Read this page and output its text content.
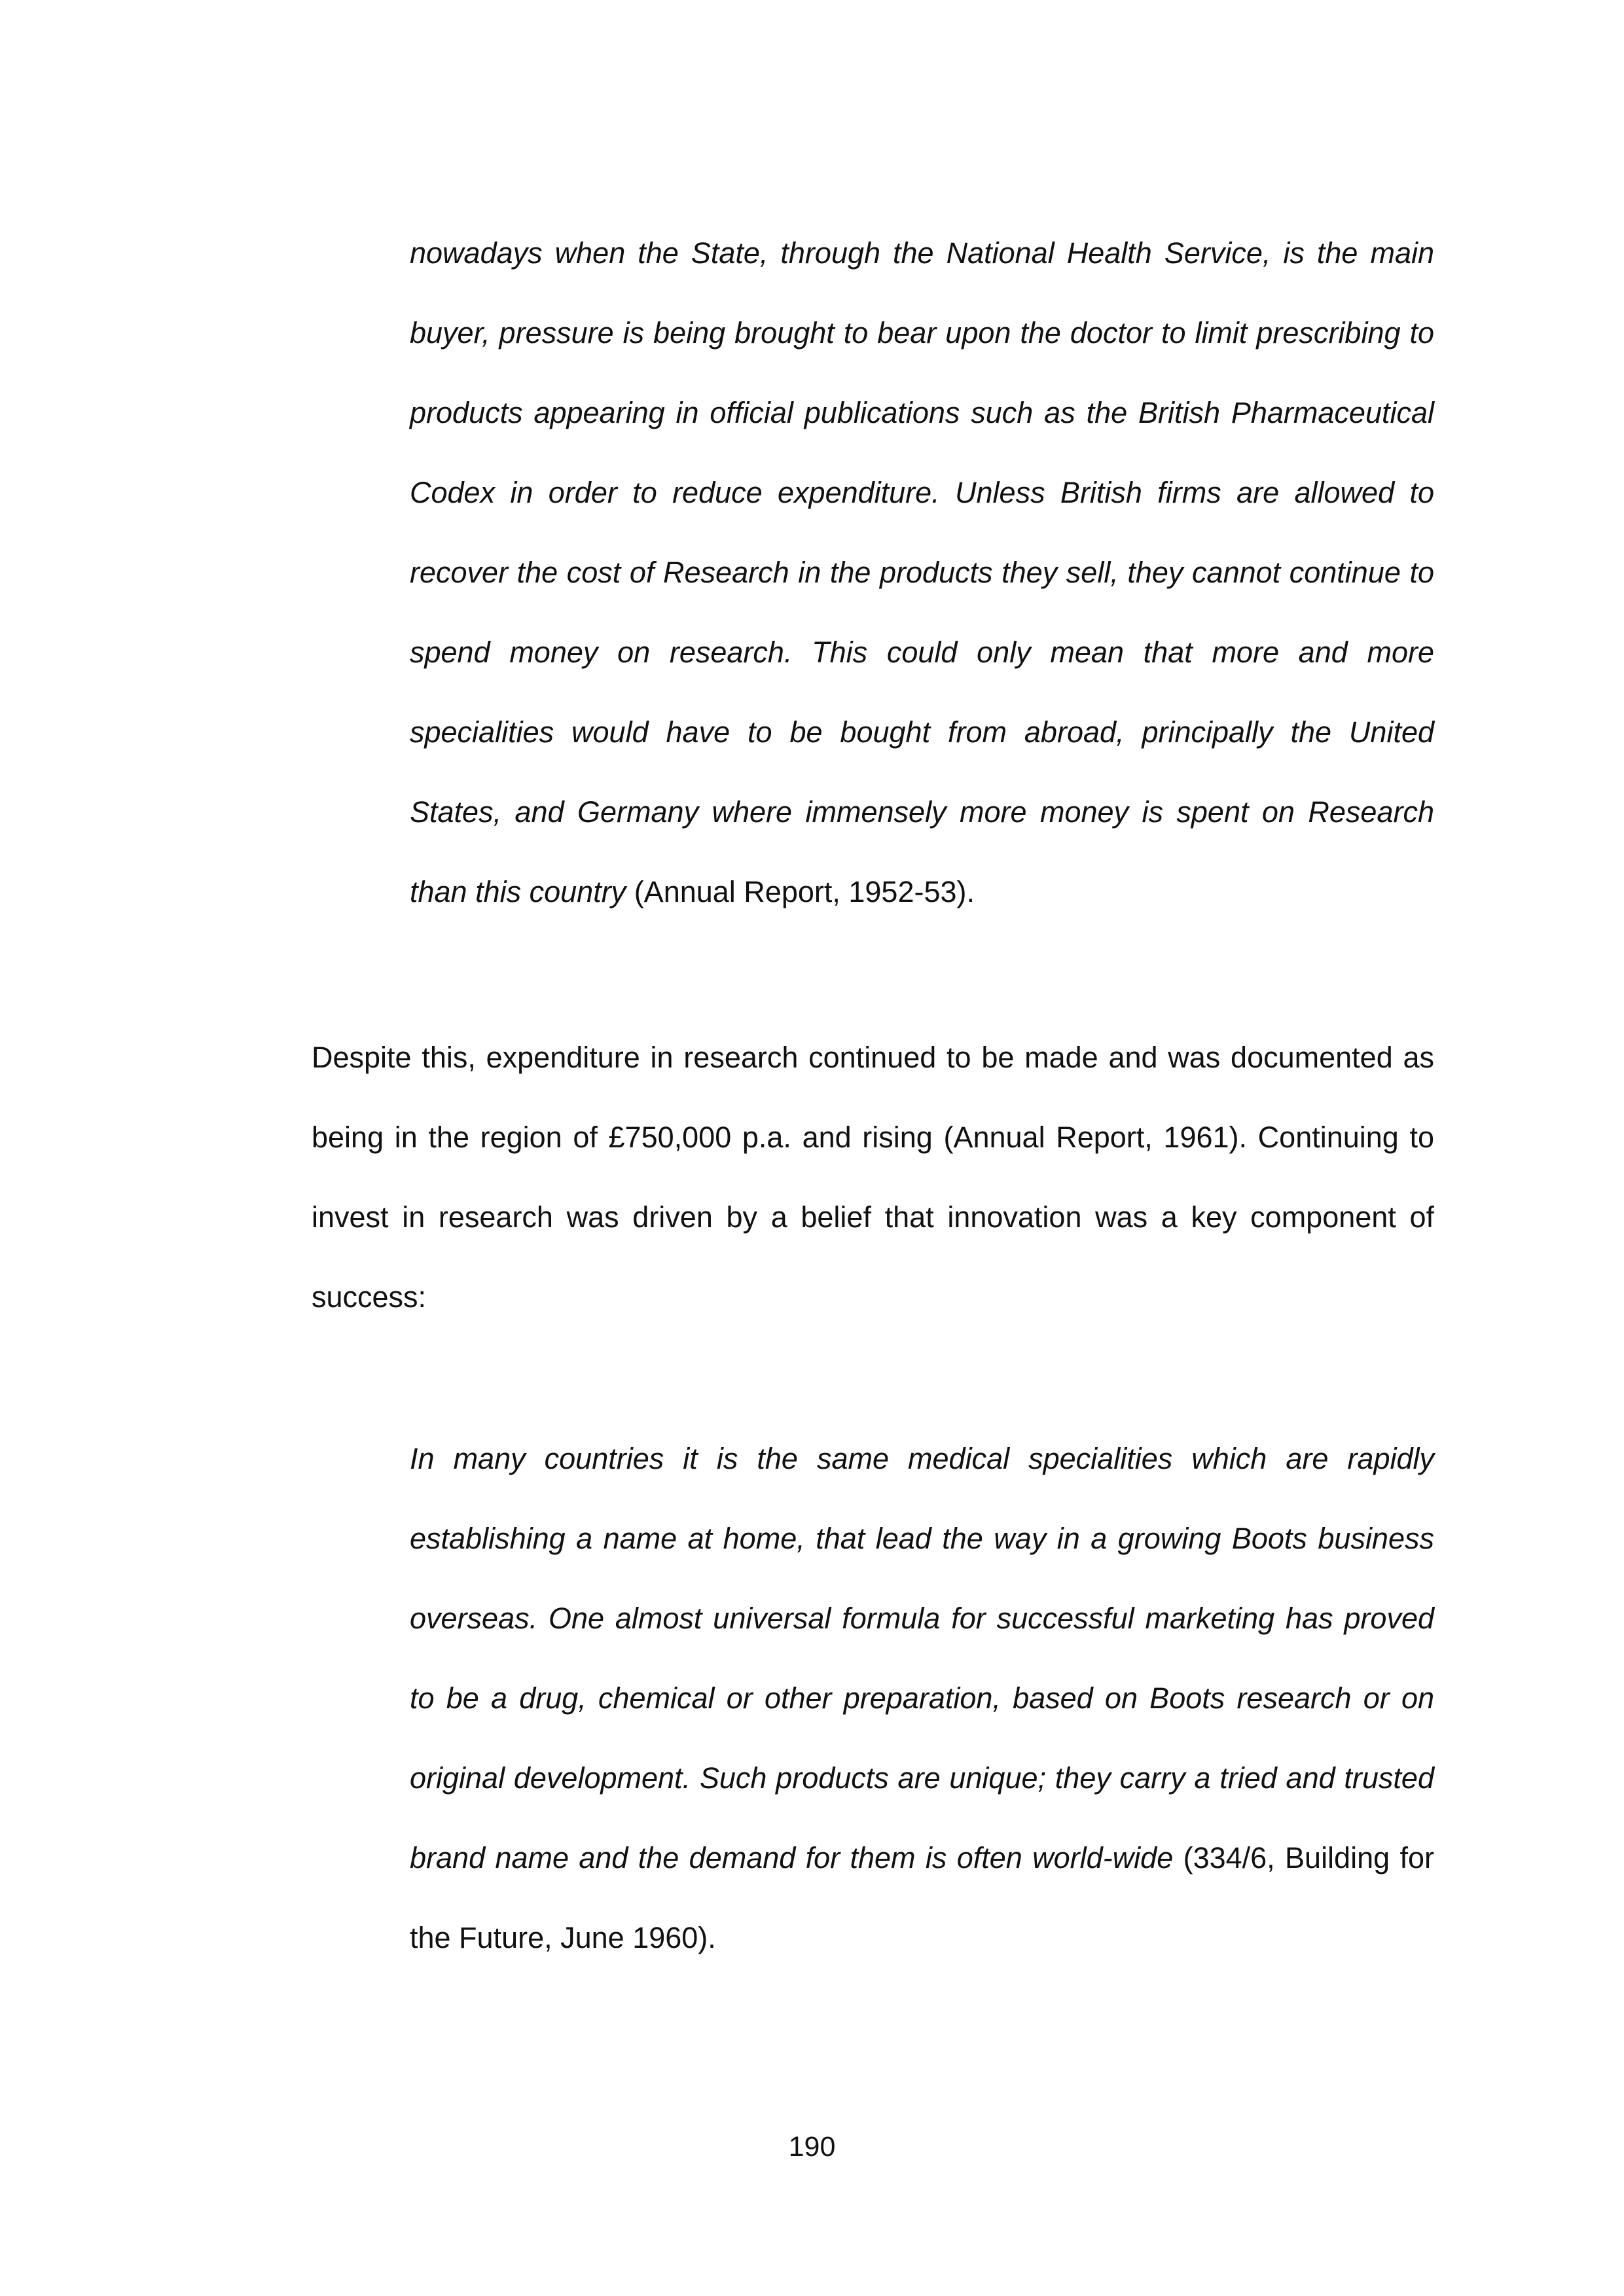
nowadays when the State, through the National Health Service, is the main buyer, pressure is being brought to bear upon the doctor to limit prescribing to products appearing in official publications such as the British Pharmaceutical Codex in order to reduce expenditure. Unless British firms are allowed to recover the cost of Research in the products they sell, they cannot continue to spend money on research. This could only mean that more and more specialities would have to be bought from abroad, principally the United States, and Germany where immensely more money is spent on Research than this country (Annual Report, 1952-53).

Despite this, expenditure in research continued to be made and was documented as being in the region of £750,000 p.a. and rising (Annual Report, 1961). Continuing to invest in research was driven by a belief that innovation was a key component of success:

In many countries it is the same medical specialities which are rapidly establishing a name at home, that lead the way in a growing Boots business overseas. One almost universal formula for successful marketing has proved to be a drug, chemical or other preparation, based on Boots research or on original development. Such products are unique; they carry a tried and trusted brand name and the demand for them is often world-wide (334/6, Building for the Future, June 1960).

190
